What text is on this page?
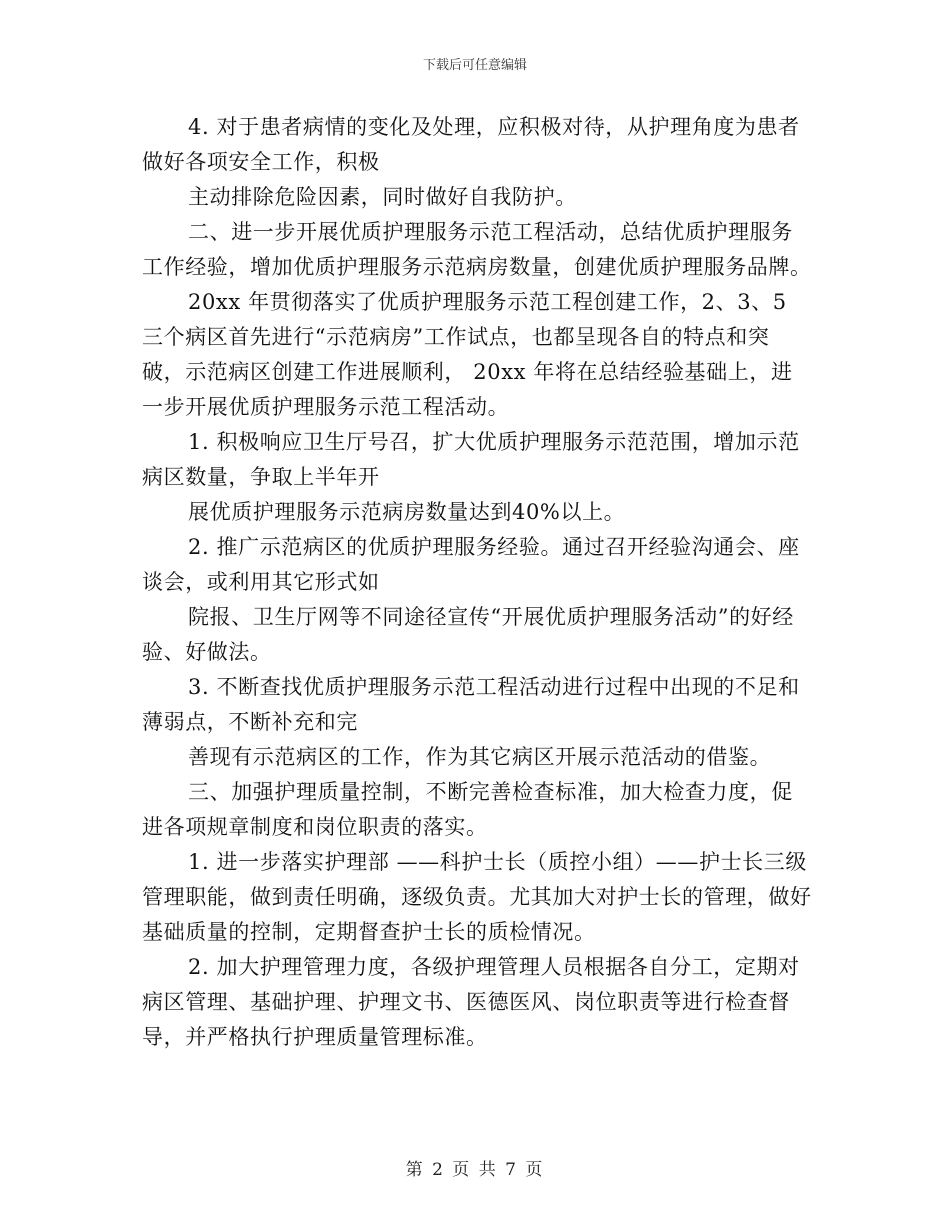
下载后可任意编辑

4. 对于患者病情的变化及处理，应积极对待，从护理角度为患者做好各项安全工作，积极

主动排除危险因素，同时做好自我防护。

二、进一步开展优质护理服务示范工程活动，总结优质护理服务工作经验，增加优质护理服务示范病房数量，创建优质护理服务品牌。

20xx 年贯彻落实了优质护理服务示范工程创建工作，2、3、5 三个病区首先进行“示范病房”工作试点，也都呈现各自的特点和突破，示范病区创建工作进展顺利， 20xx 年将在总结经验基础上，进一步开展优质护理服务示范工程活动。

1. 积极响应卫生厅号召，扩大优质护理服务示范范围，增加示范病区数量，争取上半年开

展优质护理服务示范病房数量达到40%以上。

2. 推广示范病区的优质护理服务经验。通过召开经验沟通会、座谈会，或利用其它形式如

院报、卫生厅网等不同途径宣传“开展优质护理服务活动”的好经验、好做法。

3. 不断查找优质护理服务示范工程活动进行过程中出现的不足和薄弱点，不断补充和完

善现有示范病区的工作，作为其它病区开展示范活动的借鉴。

三、加强护理质量控制，不断完善检查标准，加大检查力度，促进各项规章制度和岗位职责的落实。

1. 进一步落实护理部 ——科护士长（质控小组）——护士长三级管理职能，做到责任明确，逐级负责。尤其加大对护士长的管理，做好基础质量的控制，定期督查护士长的质检情况。

2. 加大护理管理力度，各级护理管理人员根据各自分工，定期对病区管理、基础护理、护理文书、医德医风、岗位职责等进行检查督导，并严格执行护理质量管理标准。

第 2 页 共 7 页
